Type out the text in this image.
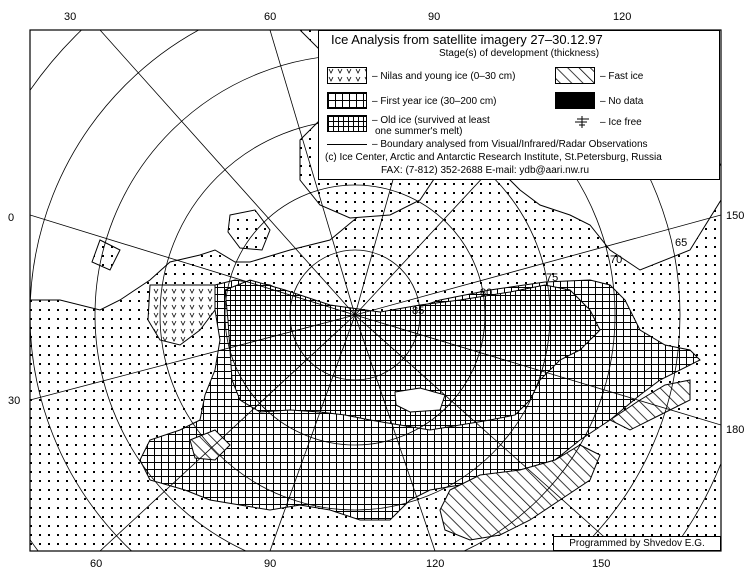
65
70
75
80
85
30	60	90	120
60	90	120	150
0
30
150
180
Ice Analysis from satellite imagery 27–30.12.97
Stage(s) of development (thickness)
– Nilas and young ice (0–30 cm)	– Fast ice
– First year ice (30–200 cm)	– No data
– Old ice (survived at least
one summer's melt)
– Ice free
– Boundary analysed from Visual/Infrared/Radar Observations
(c) Ice Center, Arctic and Antarctic Research Institute, St.Petersburg, Russia
FAX: (7-812) 352-2688 E-mail: ydb@aari.nw.ru
Programmed by Shvedov E.G.
